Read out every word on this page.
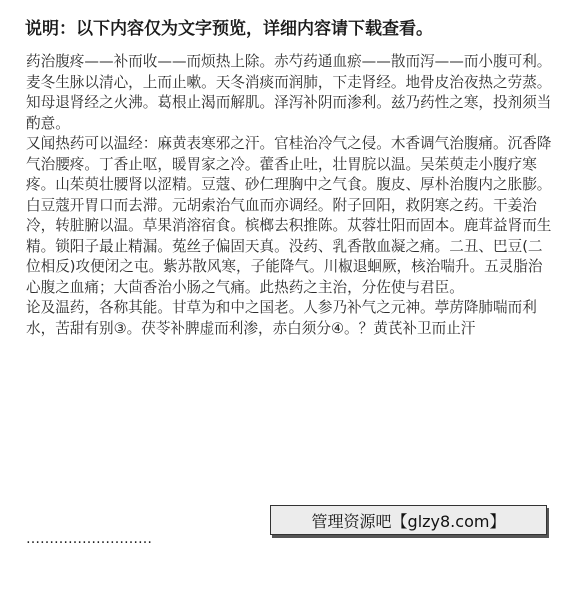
说明：以下内容仅为文字预览，详细内容请下载查看。

药治腹疼——补而收——而烦热上除。赤芍药通血瘀——散而泻——而小腹可利。麦冬生脉以清心，上而止嗽。天冬消痰而润肺，下走肾经。地骨皮治夜热之劳蒸。知母退肾经之火沸。葛根止渴而解肌。泽泻补阴而渗利。兹乃药性之寒，投剂须当酌意。

又闻热药可以温经：麻黄表寒邪之汗。官桂治冷气之侵。木香调气治腹痛。沉香降气治腰疼。丁香止呕，暖胃家之冷。藿香止吐，壮胃脘以温。吴茱萸走小腹疗寒疼。山茱萸壮腰肾以涩精。豆蔻、砂仁理胸中之气食。腹皮、厚朴治腹内之胀膨。白豆蔻开胃口而去滞。元胡索治气血而亦调经。附子回阳，救阴寒之药。干姜治冷，转脏腑以温。草果消溶宿食。槟榔去积推陈。苁蓉壮阳而固本。鹿茸益肾而生精。锁阳子最止精漏。菟丝子偏固天真。没药、乳香散血凝之痛。二丑、巴豆(二位相反)攻便闭之屯。紫苏散风寒，子能降气。川椒退蛔厥，核治喘升。五灵脂治心腹之血痛；大茴香治小肠之气痛。此热药之主治，分佐使与君臣。

论及温药，各称其能。甘草为和中之国老。人参乃补气之元神。葶苈降肺喘而利水，苦甜有别③。茯苓补脾虚而利渗，赤白须分④。？黄芪补卫而止汗

………………………
管理资源吧【glzy8.com】
